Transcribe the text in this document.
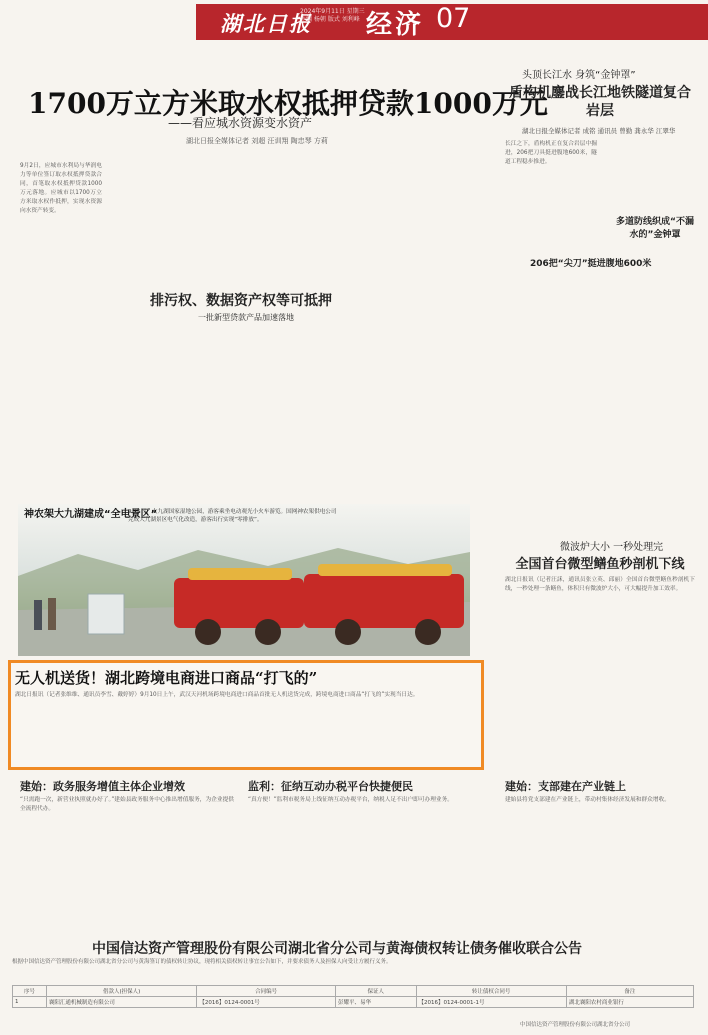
湖北日报
2024年9月11日 星期三
主编 杨朝 版式 刘利峰 经济 07
1700万立方米取水权抵押贷款1000万元
——看应城水资源变水资产
湖北日报全媒体记者 刘超 汪训翔 陶忠琴 方莉
9月2日，应城市水利局与华润电力等单位签订取水权抵押贷款合同，首笔取水权抵押贷款1000万元落地。应城市以1700万立方米取水权作抵押，实现水资源向水资产转变。
排污权、数据资产权等可抵押
一批新型贷款产品加速落地
头顶长江水 身筑“金钟罩”
盾构机鏖战长江地铁隧道复合岩层
湖北日报全媒体记者 成铭 通讯员 曾勤 龚永华 江翠华
长江之下，盾构机正在复合岩层中掘进，206把刀具挺进腹地600米，隧道工程稳步推进。
206把“尖刀”挺进腹地600米
多道防线织成“不漏水的”金钟罩
神农架大九湖建成“全电景区”
9月5日，大九湖国家湿地公园，游客乘坐电动观光小火车游览。国网神农架供电公司完成大九湖景区电气化改造，游客出行实现“零排放”。
无人机送货！湖北跨境电商进口商品“打飞的”
湖北日报讯（记者张维维、通讯员李雪、戴婷婷）9月10日上午，武汉天河机场跨境电商进口商品首批无人机送货完成，跨境电商进口商品“打飞的”实现当日达。
微波炉大小 一秒处理完
全国首台微型鳝鱼秒剖机下线
湖北日报讯（记者汪訸，通讯员张立英、邱丽）全国首台微型鳝鱼秒剖机下线，一秒处理一条鳝鱼，体积只有微波炉大小，可大幅提升加工效率。
建始：政务服务增值主体企业增效
“只需跑一次，新营业执照就办好了。”建始县政务服务中心推出增值服务，为企业提供全流程代办。
监利：征纳互动办税平台快捷便民
“真方便！”监利市税务局上线征纳互动办税平台，纳税人足不出户即可办理业务。
建始：支部建在产业链上
建始县将党支部建在产业链上，带动村集体经济发展和群众增收。
中国信达资产管理股份有限公司湖北省分公司与黄海债权转让债务催收联合公告
根据中国信达资产管理股份有限公司湖北省分公司与黄海签订的债权转让协议，现将相关债权转让事宜公告如下，并要求债务人及担保人向受让方履行义务。
序号	借款人(担保人)	合同编号	保证人	转让债权合同号	备注
1	襄阳汇通机械制造有限公司	【2016】0124-0001号	彭耀平、易华	【2016】0124-0001-1号	湖北襄阳农村商业银行
中国信达资产管理股份有限公司湖北省分公司
